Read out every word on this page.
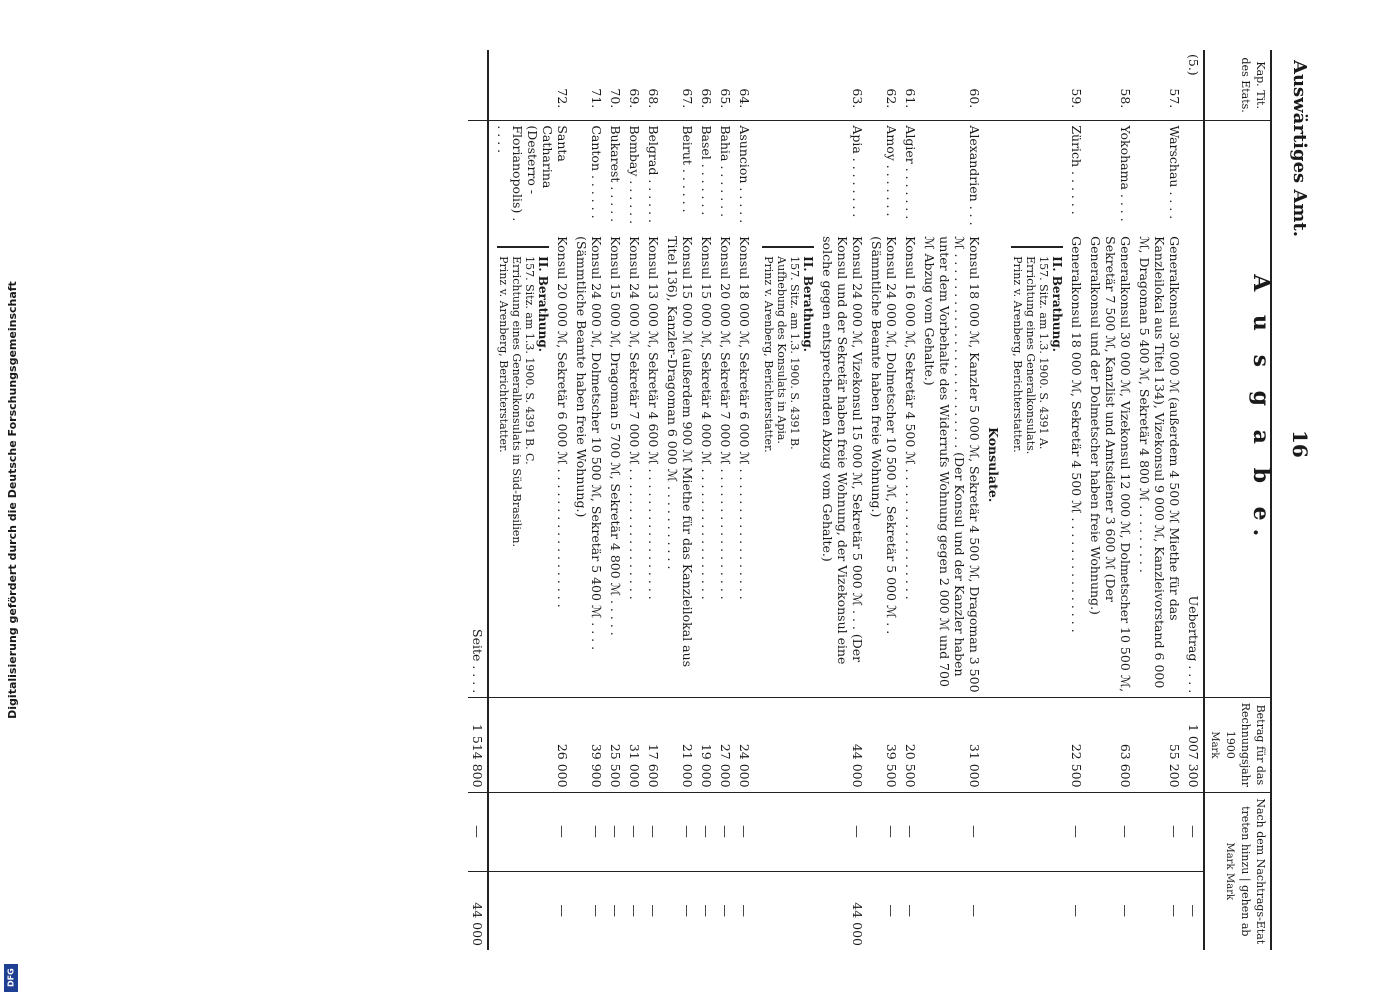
Digitalisierung gefördert durch die Deutsche Forschungsgemeinschaft
DFG
Auswärtiges Amt.
16
Kap. Tit.
des Etats.		A u s g a b e.		Betrag für das Rechnungsjahr 1900
Mark	Nach dem Nachtrags-Etat
treten hinzu | gehen ab
Mark Mark	
(5.)			Uebertrag . . . .	1 007 300	—	—
	57.	Warschau . . . .	Generalkonsul 30 000 ℳ (außerdem 4 500 ℳ Miethe für das Kanzleilokal aus Titel 134), Vizekonsul 9 000 ℳ, Kanzleivorstand 6 000 ℳ, Dragoman 5 400 ℳ, Sekretär 4 800 ℳ . . . . . . . . .	55 200	—	—
	58.	Yokohama . . . .	Generalkonsul 30 000 ℳ, Vizekonsul 12 000 ℳ, Dolmetscher 10 500 ℳ, Sekretär 7 500 ℳ, Kanzlist und Amtsdiener 3 600 ℳ (Der Generalkonsul und der Dolmetscher haben freie Wohnung.)	63 600	—	—
	59.	Zürich . . . . . .	Generalkonsul 18 000 ℳ, Sekretär 4 500 ℳ . . . . . . . . . . . . . . .
II. Berathung.
157. Sitz. am 1.3. 1900. S. 4391 A.
Errichtung eines Generalkonsulats.
Prinz v. Arenberg, Berichterstatter.	22 500	—	—
			Konsulate.			
	60.	Alexandrien . . .	Konsul 18 000 ℳ, Kanzler 5 000 ℳ, Sekretär 4 500 ℳ, Dragoman 3 500 ℳ . . . . . . . . . . . . . . . . . . . . . . . . . (Der Konsul und der Kanzler haben unter dem Vorbehalte des Widerrufs Wohnung gegen 2 000 ℳ und 700 ℳ Abzug vom Gehalte.)	31 000	—	—
	61.	Algier . . . . . . .	Konsul 16 000 ℳ, Sekretär 4 500 ℳ . . . . . . . . . . . . . . . . .	20 500	—	—
	62.	Amoy . . . . . . .	Konsul 24 000 ℳ, Dolmetscher 10 500 ℳ, Sekretär 5 000 ℳ . . (Sämmtliche Beamte haben freie Wohnung.)	39 500	—	—
	63.	Apia . . . . . . . .	Konsul 24 000 ℳ, Vizekonsul 15 000 ℳ, Sekretär 5 000 ℳ . . . (Der Konsul und der Sekretär haben freie Wohnung, der Vizekonsul eine solche gegen entsprechenden Abzug vom Gehalte.)
II. Berathung.
157. Sitz. am 1.3. 1900. S. 4391 B.
Aufhebung des Konsulats in Apia.
Prinz v. Arenberg, Berichterstatter.	44 000	—	44 000
	64.	Asuncion . . . . .	Konsul 18 000 ℳ, Sekretär 6 000 ℳ . . . . . . . . . . . . . . . . .	24 000	—	—
	65.	Bahia . . . . . . .	Konsul 20 000 ℳ, Sekretär 7 000 ℳ . . . . . . . . . . . . . . . . .	27 000	—	—
	66.	Basel . . . . . . .	Konsul 15 000 ℳ, Sekretär 4 000 ℳ . . . . . . . . . . . . . . . . .	19 000	—	—
	67.	Beirut . . . . . .	Konsul 15 000 ℳ (außerdem 900 ℳ Miethe für das Kanzleilokal aus Titel 136), Kanzler-Dragoman 6 000 ℳ . . . . . . . . . . .	21 000	—	—
	68.	Belgrad . . . . . .	Konsul 13 000 ℳ, Sekretär 4 600 ℳ . . . . . . . . . . . . . . . . .	17 600	—	—
	69.	Bombay . . . . . .	Konsul 24 000 ℳ, Sekretär 7 000 ℳ . . . . . . . . . . . . . . . . .	31 000	—	—
	70.	Bukarest . . . . .	Konsul 15 000 ℳ, Dragoman 5 700 ℳ, Sekretär 4 800 ℳ . . . . .	25 500	—	—
	71.	Canton . . . . . .	Konsul 24 000 ℳ, Dolmetscher 10 500 ℳ, Sekretär 5 400 ℳ . . . . (Sämmtliche Beamte haben freie Wohnung.)	39 900	—	—
	72.	Santa Catharina (Desterro - Florianopolis) . . . . .	Konsul 20 000 ℳ, Sekretär 6 000 ℳ . . . . . . . . . . . . . . . . . .
II. Berathung.
157. Sitz. am 1.3. 1900. S. 4391 B. C.
Errichtung eines Generalkonsulats in Süd-Brasilien.
Prinz v. Arenberg, Berichterstatter.	26 000	—	—
			Seite . . . .	1 514 800	—	44 000
